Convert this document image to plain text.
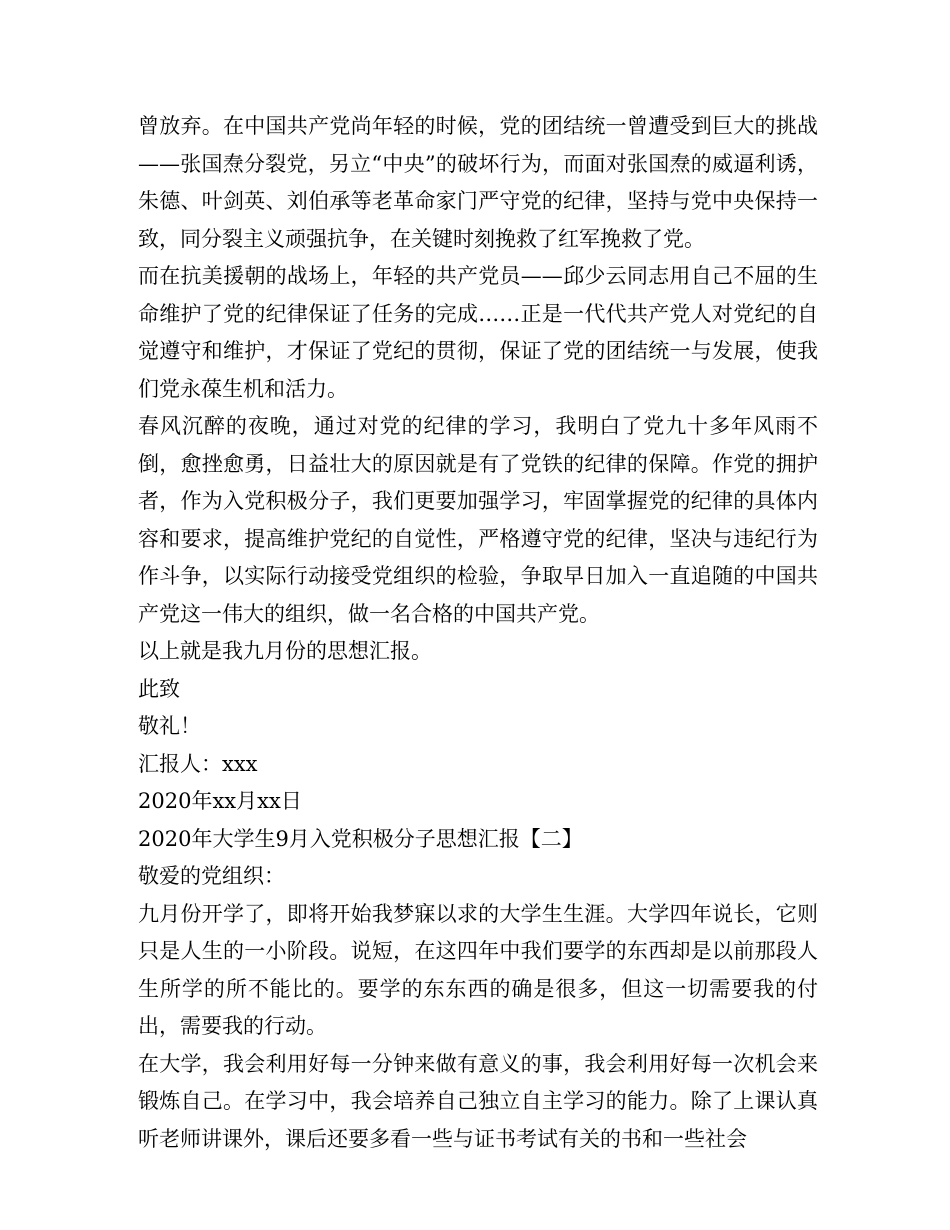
曾放弃。在中国共产党尚年轻的时候，党的团结统一曾遭受到巨大的挑战——张国焘分裂党，另立“中央”的破坏行为，而面对张国焘的威逼利诱，朱德、叶剑英、刘伯承等老革命家门严守党的纪律，坚持与党中央保持一致，同分裂主义顽强抗争，在关键时刻挽救了红军挽救了党。

而在抗美援朝的战场上，年轻的共产党员——邱少云同志用自己不屈的生命维护了党的纪律保证了任务的完成……正是一代代共产党人对党纪的自觉遵守和维护，才保证了党纪的贯彻，保证了党的团结统一与发展，使我们党永葆生机和活力。

春风沉醉的夜晚，通过对党的纪律的学习，我明白了党九十多年风雨不倒，愈挫愈勇，日益壮大的原因就是有了党铁的纪律的保障。作党的拥护者，作为入党积极分子，我们更要加强学习，牢固掌握党的纪律的具体内容和要求，提高维护党纪的自觉性，严格遵守党的纪律，坚决与违纪行为作斗争，以实际行动接受党组织的检验，争取早日加入一直追随的中国共产党这一伟大的组织，做一名合格的中国共产党。

以上就是我九月份的思想汇报。

此致

敬礼！

汇报人：xxx

2020年xx月xx日

2020年大学生9月入党积极分子思想汇报【二】

敬爱的党组织：

九月份开学了，即将开始我梦寐以求的大学生生涯。大学四年说长，它则只是人生的一小阶段。说短，在这四年中我们要学的东西却是以前那段人生所学的所不能比的。要学的东东西的确是很多，但这一切需要我的付出，需要我的行动。

在大学，我会利用好每一分钟来做有意义的事，我会利用好每一次机会来锻炼自己。在学习中，我会培养自己独立自主学习的能力。除了上课认真听老师讲课外，课后还要多看一些与证书考试有关的书和一些社会
